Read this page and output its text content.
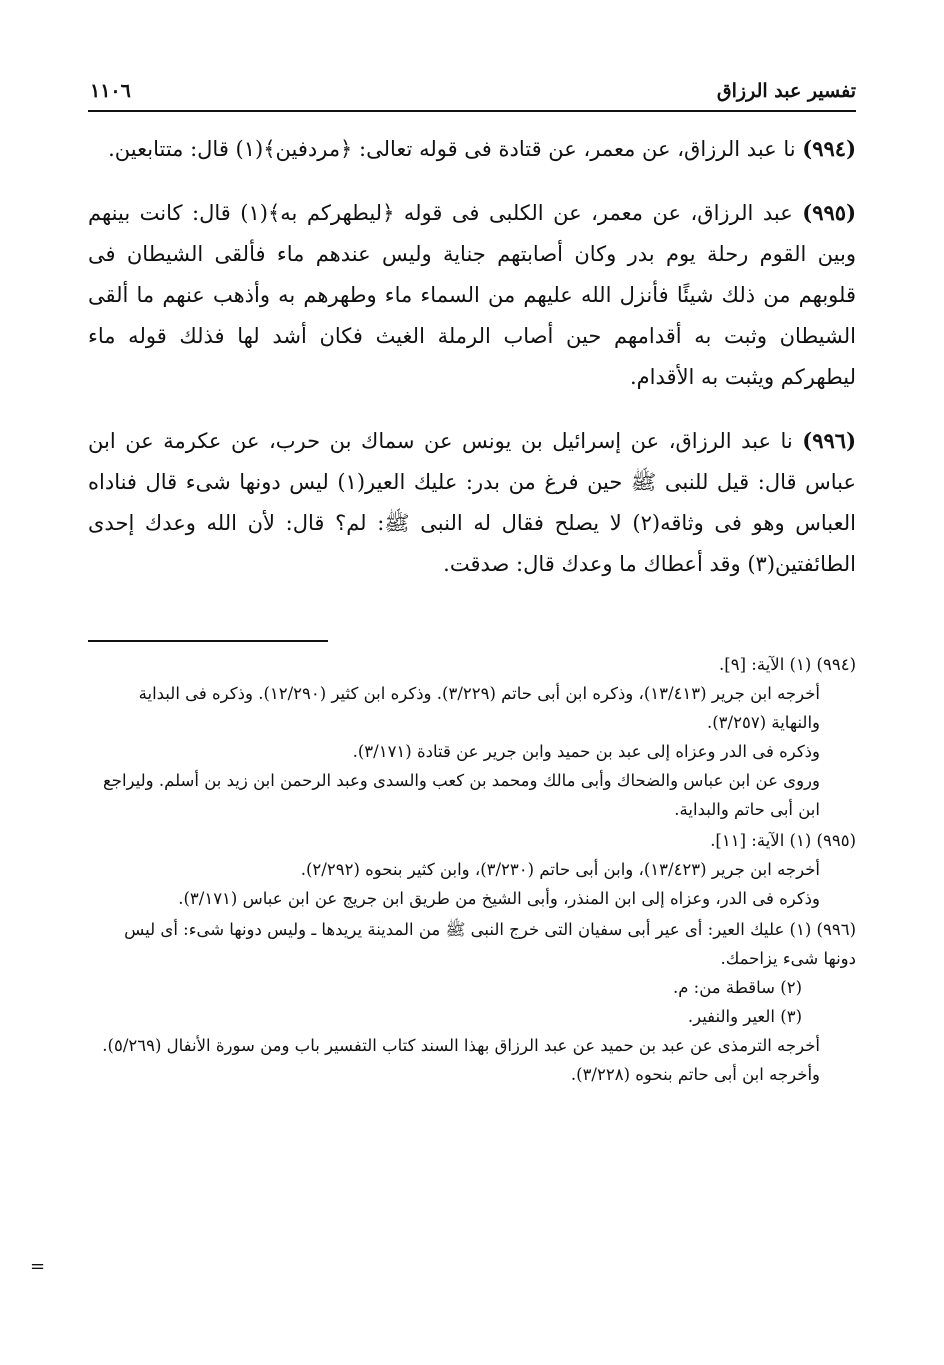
تفسير عبد الرزاق
١١٠٦

(٩٩٤) نا عبد الرزاق، عن معمر، عن قتادة فى قوله تعالى: ﴿مردفين﴾(١) قال: متتابعين.

(٩٩٥) عبد الرزاق، عن معمر، عن الكلبى فى قوله ﴿ليطهركم به﴾(١) قال: كانت بينهم وبين القوم رحلة يوم بدر وكان أصابتهم جناية وليس عندهم ماء فألقى الشيطان فى قلوبهم من ذلك شيئًا فأنزل الله عليهم من السماء ماء وطهرهم به وأذهب عنهم ما ألقى الشيطان وثبت به أقدامهم حين أصاب الرملة الغيث فكان أشد لها فذلك قوله ماء ليطهركم ويثبت به الأقدام.

(٩٩٦) نا عبد الرزاق، عن إسرائيل بن يونس عن سماك بن حرب، عن عكرمة عن ابن عباس قال: قيل للنبى ﷺ حين فرغ من بدر: عليك العير(١) ليس دونها شىء قال فناداه العباس وهو فى وثاقه(٢) لا يصلح فقال له النبى ﷺ: لم؟ قال: لأن الله وعدك إحدى الطائفتين(٣) وقد أعطاك ما وعدك قال: صدقت.

(٩٩٤) (١) الآية: [٩].

أخرجه ابن جرير (١٣/٤١٣)، وذكره ابن أبى حاتم (٣/٢٢٩). وذكره ابن كثير (١٢/٢٩٠). وذكره فى البداية والنهاية (٣/٢٥٧).

وذكره فى الدر وعزاه إلى عبد بن حميد وابن جرير عن قتادة (٣/١٧١).

وروى عن ابن عباس والضحاك وأبى مالك ومحمد بن كعب والسدى وعبد الرحمن ابن زيد بن أسلم. وليراجع ابن أبى حاتم والبداية.

(٩٩٥) (١) الآية: [١١].

أخرجه ابن جرير (١٣/٤٢٣)، وابن أبى حاتم (٣/٢٣٠)، وابن كثير بنحوه (٢/٢٩٢).

وذكره فى الدر، وعزاه إلى ابن المنذر، وأبى الشيخ من طريق ابن جريج عن ابن عباس (٣/١٧١).

(٩٩٦) (١) عليك العير: أى عير أبى سفيان التى خرج النبى ﷺ من المدينة يريدها ـ وليس دونها شىء: أى ليس دونها شىء يزاحمك.

(٢) ساقطة من: م.

(٣) العير والنفير.

أخرجه الترمذى عن عبد بن حميد عن عبد الرزاق بهذا السند كتاب التفسير باب ومن سورة الأنفال (٥/٢٦٩).

وأخرجه ابن أبى حاتم بنحوه (٣/٢٢٨).

=
